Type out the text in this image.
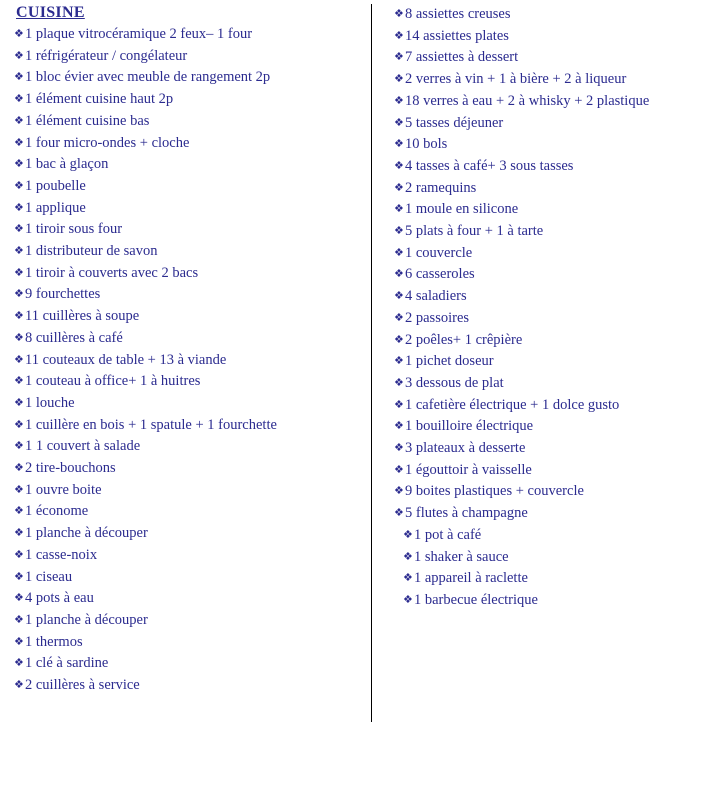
CUISINE
❖ 1 plaque vitrocéramique 2 feux– 1 four
❖ 1 réfrigérateur / congélateur
❖ 1 bloc évier avec meuble de rangement 2p
❖ 1 élément cuisine haut 2p
❖ 1 élément cuisine bas
❖ 1 four micro-ondes + cloche
❖ 1 bac à glaçon
❖ 1 poubelle
❖ 1 applique
❖ 1 tiroir sous four
❖ 1 distributeur de savon
❖ 1 tiroir à couverts avec 2 bacs
❖ 9 fourchettes
❖ 11 cuillères à soupe
❖ 8 cuillères à café
❖ 11 couteaux de table + 13 à viande
❖ 1 couteau à office+ 1 à huitres
❖ 1 louche
❖ 1 cuillère en bois + 1 spatule + 1 fourchette
❖ 1 1 couvert à salade
❖ 2 tire-bouchons
❖ 1 ouvre boite
❖ 1 économe
❖ 1 planche à découper
❖ 1 casse-noix
❖ 1 ciseau
❖ 4 pots à eau
❖ 1 planche à découper
❖ 1 thermos
❖ 1 clé à sardine
❖ 2 cuillères à service
❖ 8 assiettes creuses
❖ 14 assiettes plates
❖ 7 assiettes à dessert
❖ 2 verres à vin + 1 à bière + 2 à liqueur
❖ 18 verres à eau + 2 à whisky + 2 plastique
❖ 5 tasses déjeuner
❖ 10 bols
❖ 4 tasses à café+ 3 sous tasses
❖ 2 ramequins
❖ 1 moule en silicone
❖ 5 plats à four + 1 à tarte
❖ 1 couvercle
❖ 6 casseroles
❖ 4 saladiers
❖ 2 passoires
❖ 2 poêles+ 1 crêpière
❖ 1 pichet doseur
❖ 3 dessous de plat
❖ 1 cafetière électrique + 1 dolce gusto
❖ 1 bouilloire électrique
❖ 3 plateaux à desserte
❖ 1 égouttoir à vaisselle
❖ 9 boites plastiques + couvercle
❖ 5 flutes à champagne
❖ 1 pot à café
❖ 1 shaker à sauce
❖ 1 appareil à raclette
❖ 1 barbecue électrique
